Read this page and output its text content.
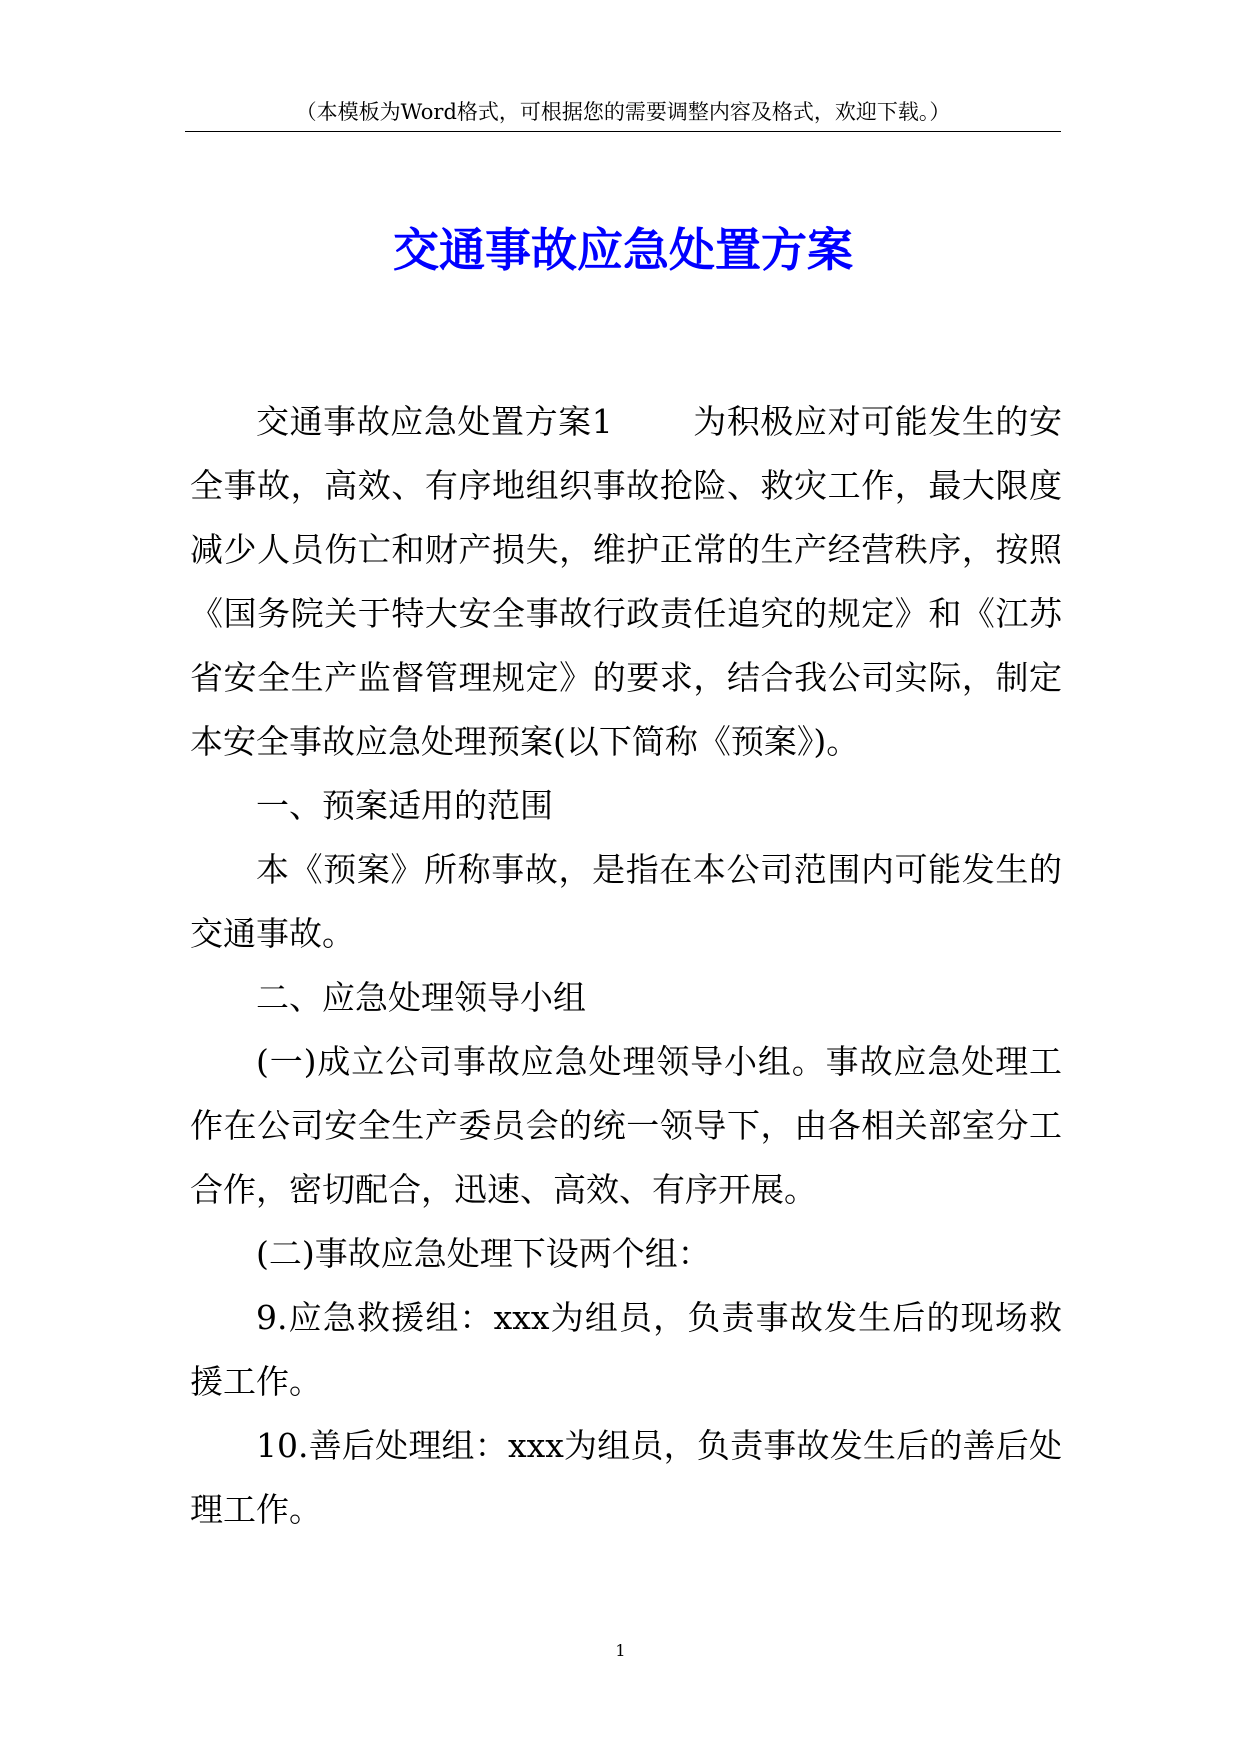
（本模板为Word格式，可根据您的需要调整内容及格式，欢迎下载。）
交通事故应急处置方案

交通事故应急处置方案1 为积极应对可能发生的安全事故，高效、有序地组织事故抢险、救灾工作，最大限度减少人员伤亡和财产损失，维护正常的生产经营秩序，按照《国务院关于特大安全事故行政责任追究的规定》和《江苏省安全生产监督管理规定》的要求，结合我公司实际，制定本安全事故应急处理预案(以下简称《预案》)。

一、预案适用的范围

本《预案》所称事故，是指在本公司范围内可能发生的交通事故。

二、应急处理领导小组

(一)成立公司事故应急处理领导小组。事故应急处理工作在公司安全生产委员会的统一领导下，由各相关部室分工合作，密切配合，迅速、高效、有序开展。

(二)事故应急处理下设两个组：

9.应急救援组：xxx为组员，负责事故发生后的现场救援工作。

10.善后处理组：xxx为组员，负责事故发生后的善后处理工作。

1
